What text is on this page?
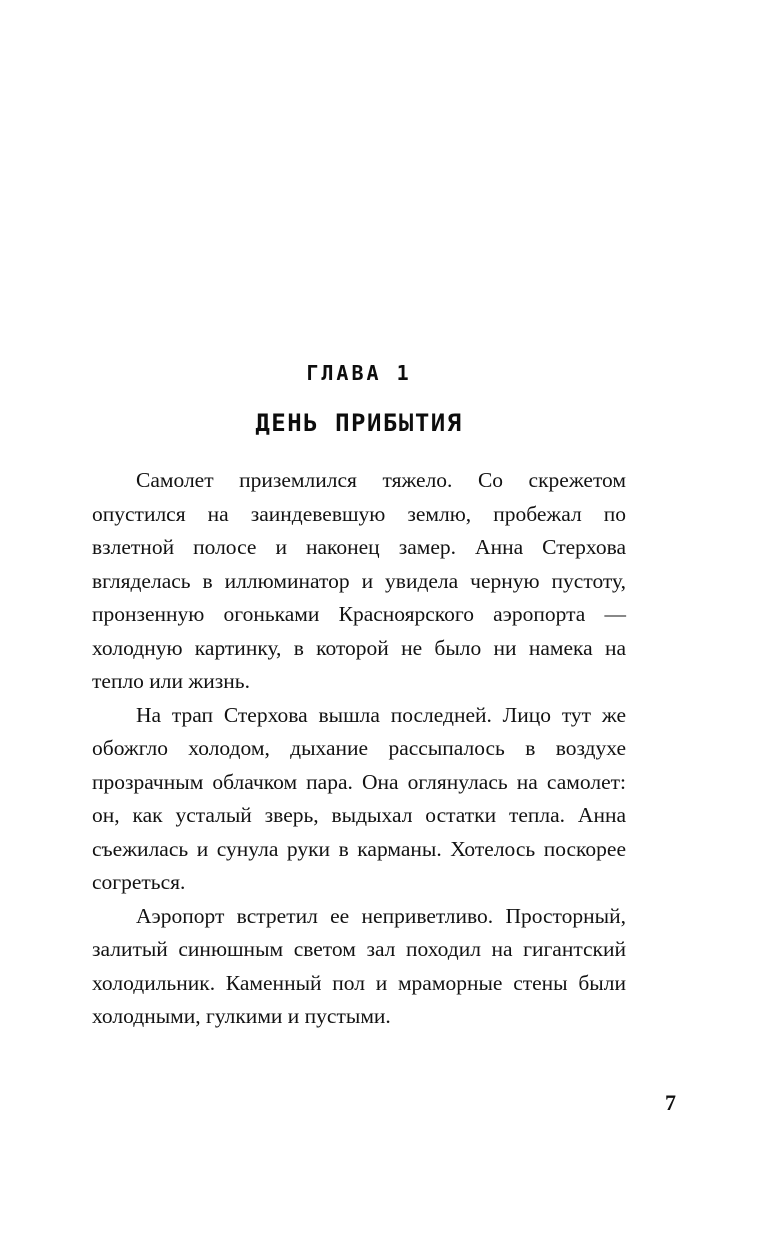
ГЛАВА 1
ДЕНЬ ПРИБЫТИЯ

Самолет приземлился тяжело. Со скрежетом опустился на заиндевевшую землю, пробежал по взлетной полосе и наконец замер. Анна Стерхова вгляделась в иллюминатор и увидела черную пустоту, пронзенную огоньками Красноярского аэропорта — холодную картинку, в которой не было ни намека на тепло или жизнь.

На трап Стерхова вышла последней. Лицо тут же обожгло холодом, дыхание рассыпалось в воздухе прозрачным облачком пара. Она оглянулась на самолет: он, как усталый зверь, выдыхал остатки тепла. Анна съежилась и сунула руки в карманы. Хотелось поскорее согреться.

Аэропорт встретил ее неприветливо. Просторный, залитый синюшным светом зал походил на гигантский холодильник. Каменный пол и мраморные стены были холодными, гулкими и пустыми.

7
